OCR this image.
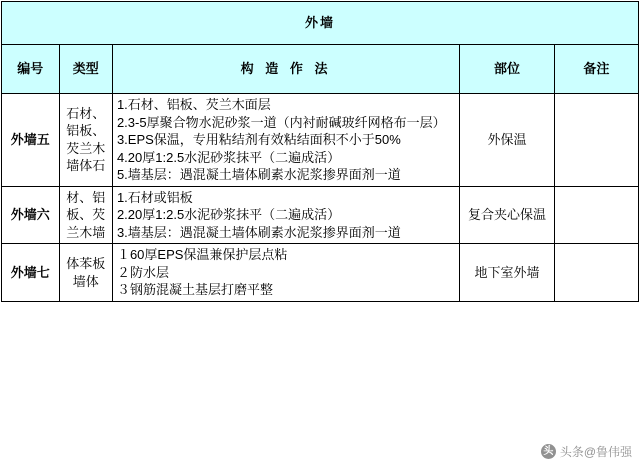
外墙				
编号	类型	构 造 作 法	部位	备注
外墙五	石材、铝板、芡兰木墙体石	1.石材、铝板、芡兰木面层
2.3-5厚聚合物水泥砂浆一道（内衬耐碱玻纤网格布一层）
3.EPS保温，专用粘结剂有效粘结面积不小于50%
4.20厚1:2.5水泥砂浆抹平（二遍成活）
5.墙基层：遇混凝土墙体刷素水泥浆掺界面剂一道	外保温	
外墙六	材、铝板、芡兰木墙	1.石材或铝板
2.20厚1:2.5水泥砂浆抹平（二遍成活）
3.墙基层：遇混凝土墙体刷素水泥浆掺界面剂一道	复合夹心保温	
外墙七	体苯板墙体	１60厚EPS保温兼保护层点粘
２防水层
３钢筋混凝土基层打磨平整	地下室外墙	
头 头条@鲁伟强
